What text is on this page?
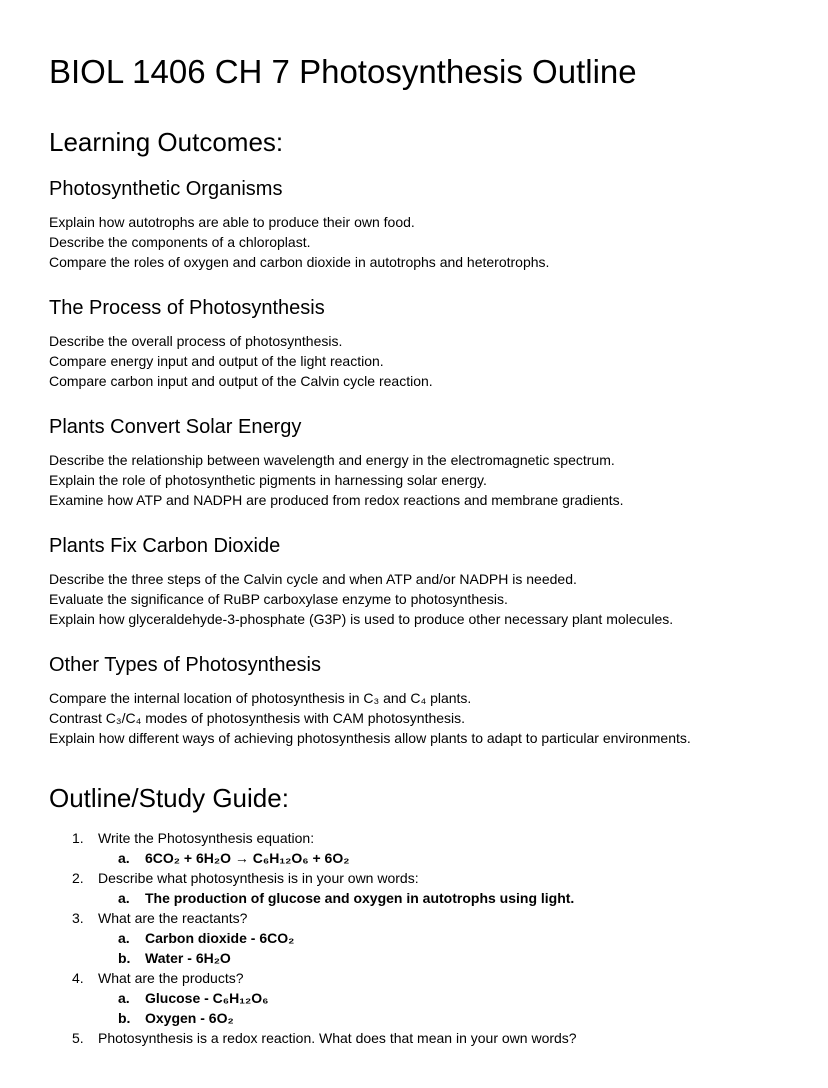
BIOL 1406 CH 7 Photosynthesis Outline
Learning Outcomes:
Photosynthetic Organisms

Explain how autotrophs are able to produce their own food.

Describe the components of a chloroplast.

Compare the roles of oxygen and carbon dioxide in autotrophs and heterotrophs.

The Process of Photosynthesis

Describe the overall process of photosynthesis.

Compare energy input and output of the light reaction.

Compare carbon input and output of the Calvin cycle reaction.

Plants Convert Solar Energy

Describe the relationship between wavelength and energy in the electromagnetic spectrum.

Explain the role of photosynthetic pigments in harnessing solar energy.

Examine how ATP and NADPH are produced from redox reactions and membrane gradients.

Plants Fix Carbon Dioxide

Describe the three steps of the Calvin cycle and when ATP and/or NADPH is needed.

Evaluate the significance of RuBP carboxylase enzyme to photosynthesis.

Explain how glyceraldehyde-3-phosphate (G3P) is used to produce other necessary plant molecules.

Other Types of Photosynthesis

Compare the internal location of photosynthesis in C₃ and C₄ plants.

Contrast C₃/C₄ modes of photosynthesis with CAM photosynthesis.

Explain how different ways of achieving photosynthesis allow plants to adapt to particular environments.

Outline/Study Guide:
1.	Write the Photosynthesis equation:
a.	6CO₂ + 6H₂O → C₆H₁₂O₆ + 6O₂
2.	Describe what photosynthesis is in your own words:
a.	The production of glucose and oxygen in autotrophs using light.
3.	What are the reactants?
a.	Carbon dioxide - 6CO₂
b.	Water - 6H₂O
4.	What are the products?
a.	Glucose - C₆H₁₂O₆
b.	Oxygen - 6O₂
5.	Photosynthesis is a redox reaction. What does that mean in your own words?
